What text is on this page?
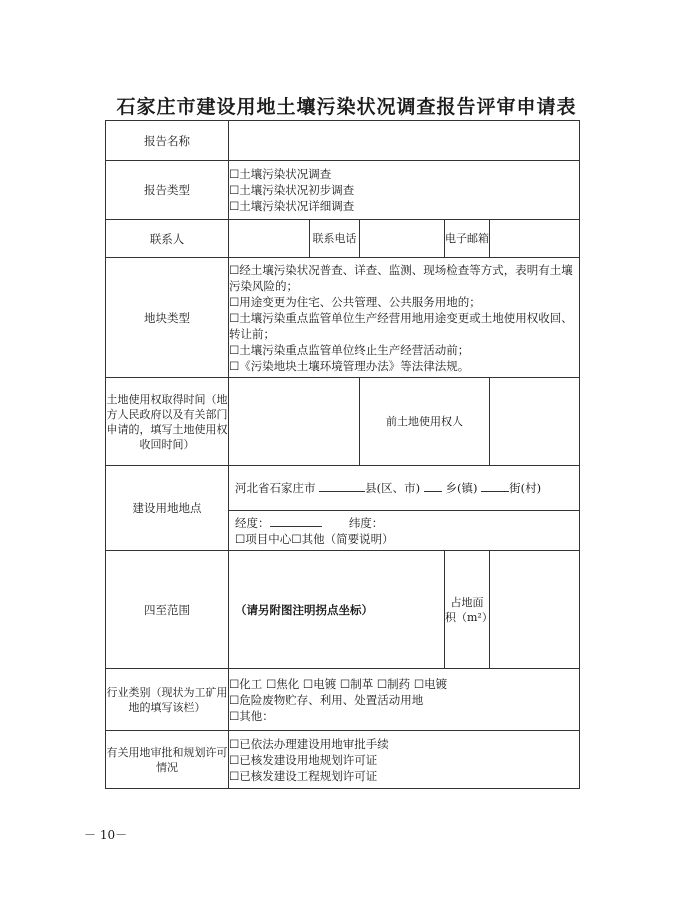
石家庄市建设用地土壤污染状况调查报告评审申请表
报告名称					
报告类型	☐土壤污染状况调查
☐土壤污染状况初步调查
☐土壤污染状况详细调查				

联系人		联系电话		电子邮箱	
地块类型	☐经土壤污染状况普查、详查、监测、现场检查等方式，表明有土壤污染风险的；
☐用途变更为住宅、公共管理、公共服务用地的；
☐土壤污染重点监管单位生产经营用地用途变更或土地使用权收回、转让前；
☐土壤污染重点监管单位终止生产经营活动前；
☐《污染地块土壤环境管理办法》等法律法规。				

土地使用权取得时间（地方人民政府以及有关部门申请的，填写土地使用权收回时间）			前土地使用权人		
建设用地地点	河北省石家庄市 县(区、市) 乡(镇) 街(村)
经度： 纬度：
☐项目中心☐其他（简要说明）				

四至范围	（请另附图注明拐点坐标）			占地面
积（m²）	

行业类别（现状为工矿用地的填写该栏）	☐化工 ☐焦化 ☐电镀 ☐制革 ☐制药 ☐电镀
☐危险废物贮存、利用、处置活动用地
☐其他：				

有关用地审批和规划许可情况	☐已依法办理建设用地审批手续
☐已核发建设用地规划许可证
☐已核发建设工程规划许可证				
－ 10－
